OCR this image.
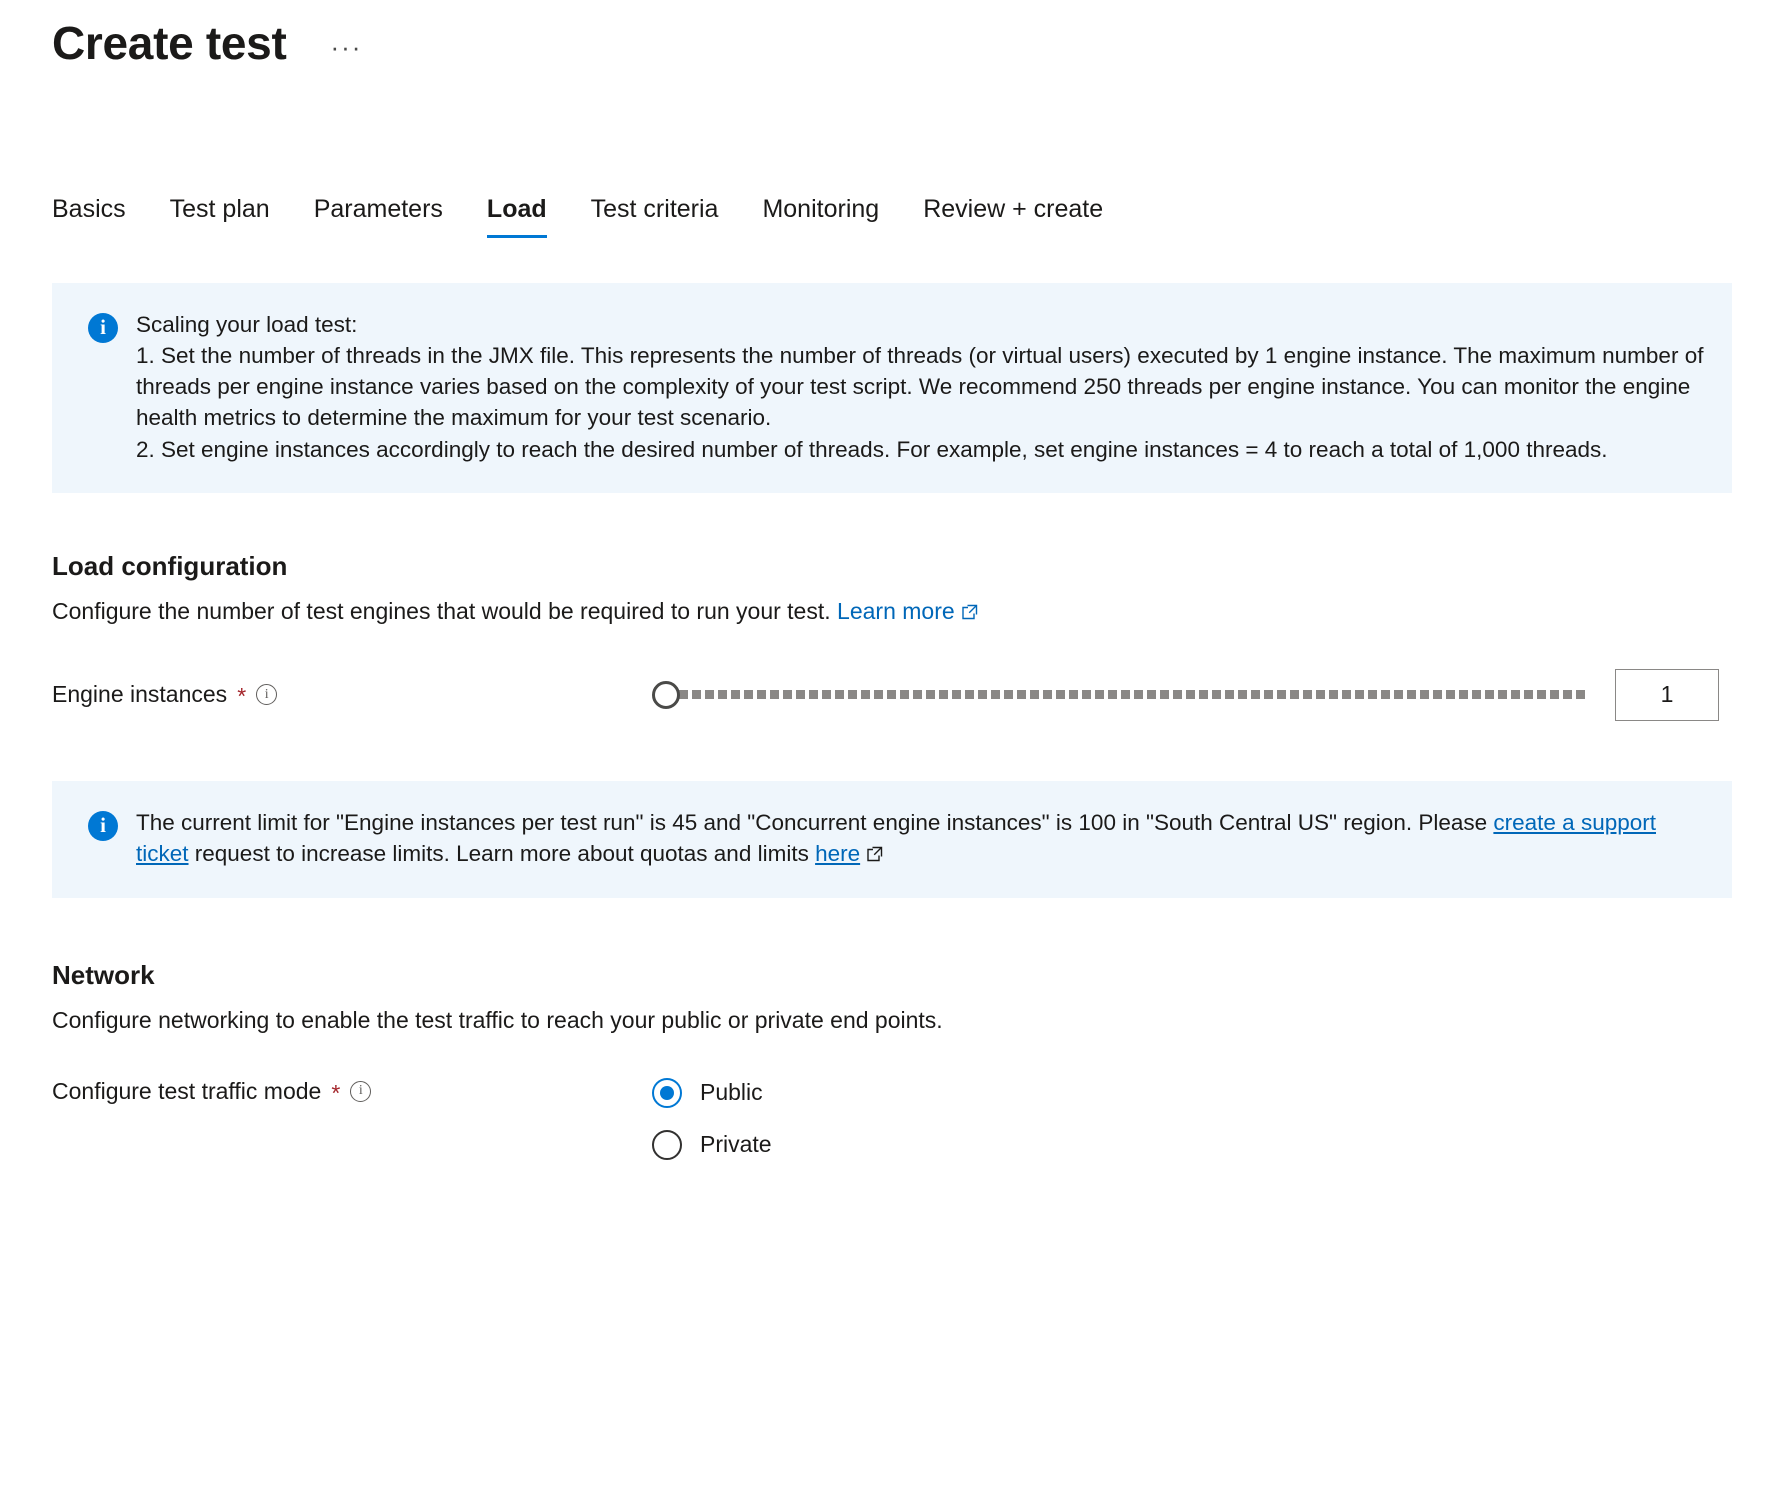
Create test	···
Basics	Test plan	Parameters	Load	Test criteria	Monitoring	Review + create
i	Scaling your load test:
1. Set the number of threads in the JMX file. This represents the number of threads (or virtual users) executed by 1 engine instance. The maximum number of threads per engine instance varies based on the complexity of your test script. We recommend 250 threads per engine instance. You can monitor the engine health metrics to determine the maximum for your test scenario.
2. Set engine instances accordingly to reach the desired number of threads. For example, set engine instances = 4 to reach a total of 1,000 threads.
Load configuration
Configure the number of test engines that would be required to run your test. Learn more
Engine instances *	i	1
i	The current limit for "Engine instances per test run" is 45 and "Concurrent engine instances" is 100 in "South Central US" region. Please create a support ticket request to increase limits. Learn more about quotas and limits here
Network
Configure networking to enable the test traffic to reach your public or private end points.
Configure test traffic mode *	i	Public
Private
